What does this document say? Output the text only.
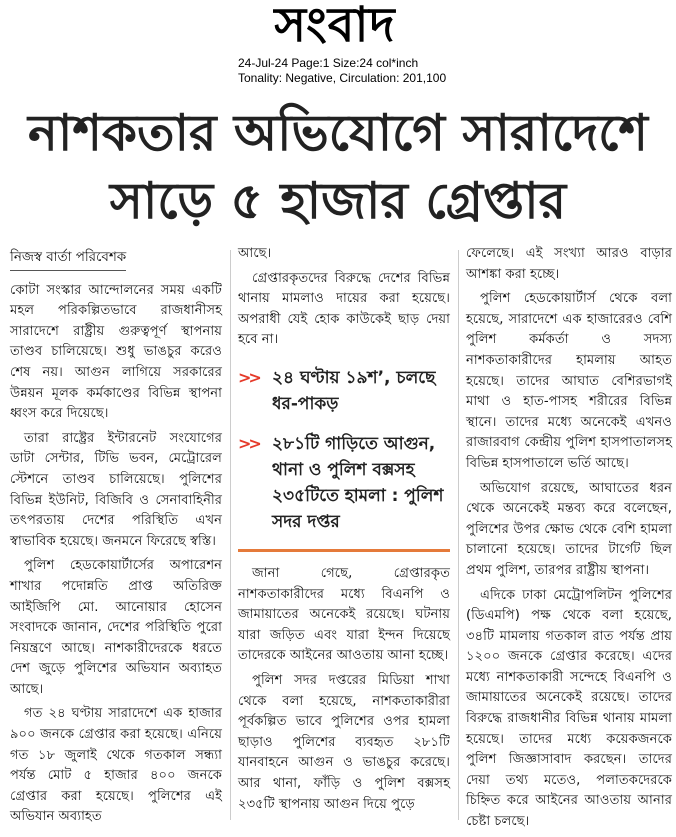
সংবাদ
24-Jul-24 Page:1 Size:24 col*inch
Tonality: Negative, Circulation: 201,100
নাশকতার অভিযোগে সারাদেশে
সাড়ে ৫ হাজার গ্রেপ্তার
নিজস্ব বার্তা পরিবেশক

কোটা সংস্কার আন্দোলনের সময় একটি মহল পরিকল্পিতভাবে রাজধানীসহ সারাদেশে রাষ্ট্রীয় গুরুত্বপূর্ণ স্থাপনায় তাণ্ডব চালিয়েছে। শুধু ভাঙচুর করেও শেষ নয়। আগুন লাগিয়ে সরকারের উন্নয়ন মূলক কর্মকাণ্ডের বিভিন্ন স্থাপনা ধ্বংস করে দিয়েছে।

তারা রাষ্ট্রের ইন্টারনেট সংযোগের ডাটা সেন্টার, টিভি ভবন, মেট্রোরেল স্টেশনে তাণ্ডব চালিয়েছে। পুলিশের বিভিন্ন ইউনিট, বিজিবি ও সেনাবাহিনীর তৎপরতায় দেশের পরিস্থিতি এখন স্বাভাবিক হয়েছে। জনমনে ফিরেছে স্বস্তি।

পুলিশ হেডকোয়ার্টার্সের অপারেশন শাখার পদোন্নতি প্রাপ্ত অতিরিক্ত আইজিপি মো. আনোয়ার হোসেন সংবাদকে জানান, দেশের পরিস্থিতি পুরো নিয়ন্ত্রণে আছে। নাশকারীদেরকে ধরতে দেশ জুড়ে পুলিশের অভিযান অব্যাহত আছে।

গত ২৪ ঘণ্টায় সারাদেশে এক হাজার ৯০০ জনকে গ্রেপ্তার করা হয়েছে। এনিয়ে গত ১৮ জুলাই থেকে গতকাল সন্ধ্যা পর্যন্ত মোট ৫ হাজার ৪০০ জনকে গ্রেপ্তার করা হয়েছে। পুলিশের এই অভিযান অব্যাহত

আছে।

গ্রেপ্তারকৃতদের বিরুদ্ধে দেশের বিভিন্ন থানায় মামলাও দায়ের করা হয়েছে। অপরাধী যেই হোক কাউকেই ছাড় দেয়া হবে না।

>> ২৪ ঘণ্টায় ১৯শ’, চলছে ধর-পাকড়
>> ২৮১টি গাড়িতে আগুন, থানা ও পুলিশ বক্সসহ ২৩৫টিতে হামলা : পুলিশ সদর দপ্তর

জানা গেছে, গ্রেপ্তারকৃত নাশকতাকারীদের মধ্যে বিএনপি ও জামায়াতের অনেকেই রয়েছে। ঘটনায় যারা জড়িত এবং যারা ইন্দন দিয়েছে তাদেরকে আইনের আওতায় আনা হচ্ছে।

পুলিশ সদর দপ্তরের মিডিয়া শাখা থেকে বলা হয়েছে, নাশকতাকারীরা পূর্বকল্পিত ভাবে পুলিশের ওপর হামলা ছাড়াও পুলিশের ব্যবহৃত ২৮১টি যানবাহনে আগুন ও ভাঙচুর করেছে। আর থানা, ফাঁড়ি ও পুলিশ বক্সসহ ২৩৫টি স্থাপনায় আগুন দিয়ে পুড়ে

ফেলেছে। এই সংখ্যা আরও বাড়ার আশঙ্কা করা হচ্ছে।

পুলিশ হেডকোয়ার্টার্স থেকে বলা হয়েছে, সারাদেশে এক হাজারেরও বেশি পুলিশ কর্মকর্তা ও সদস্য নাশকতাকারীদের হামলায় আহত হয়েছে। তাদের আঘাত বেশিরভাগই মাথা ও হাত-পাসহ শরীরের বিভিন্ন স্থানে। তাদের মধ্যে অনেকেই এখনও রাজারবাগ কেন্দ্রীয় পুলিশ হাসপাতালসহ বিভিন্ন হাসপাতালে ভর্তি আছে।

অভিযোগ রয়েছে, আঘাতের ধরন থেকে অনেকেই মন্তব্য করে বলেছেন, পুলিশের উপর ক্ষোভ থেকে বেশি হামলা চালানো হয়েছে। তাদের টার্গেট ছিল প্রথম পুলিশ, তারপর রাষ্ট্রীয় স্থাপনা।

এদিকে ঢাকা মেট্রোপলিটন পুলিশের (ডিএমপি) পক্ষ থেকে বলা হয়েছে, ৩৪টি মামলায় গতকাল রাত পর্যন্ত প্রায় ১২০০ জনকে গ্রেপ্তার করেছে। এদের মধ্যে নাশকতাকারী সন্দেহে বিএনপি ও জামায়াতের অনেকেই রয়েছে। তাদের বিরুদ্ধে রাজধানীর বিভিন্ন থানায় মামলা হয়েছে। তাদের মধ্যে কয়েকজনকে পুলিশ জিজ্ঞাসাবাদ করছেন। তাদের দেয়া তথ্য মতেও, পলাতকদেরকে চিহ্নিত করে আইনের আওতায় আনার চেষ্টা চলছে।
